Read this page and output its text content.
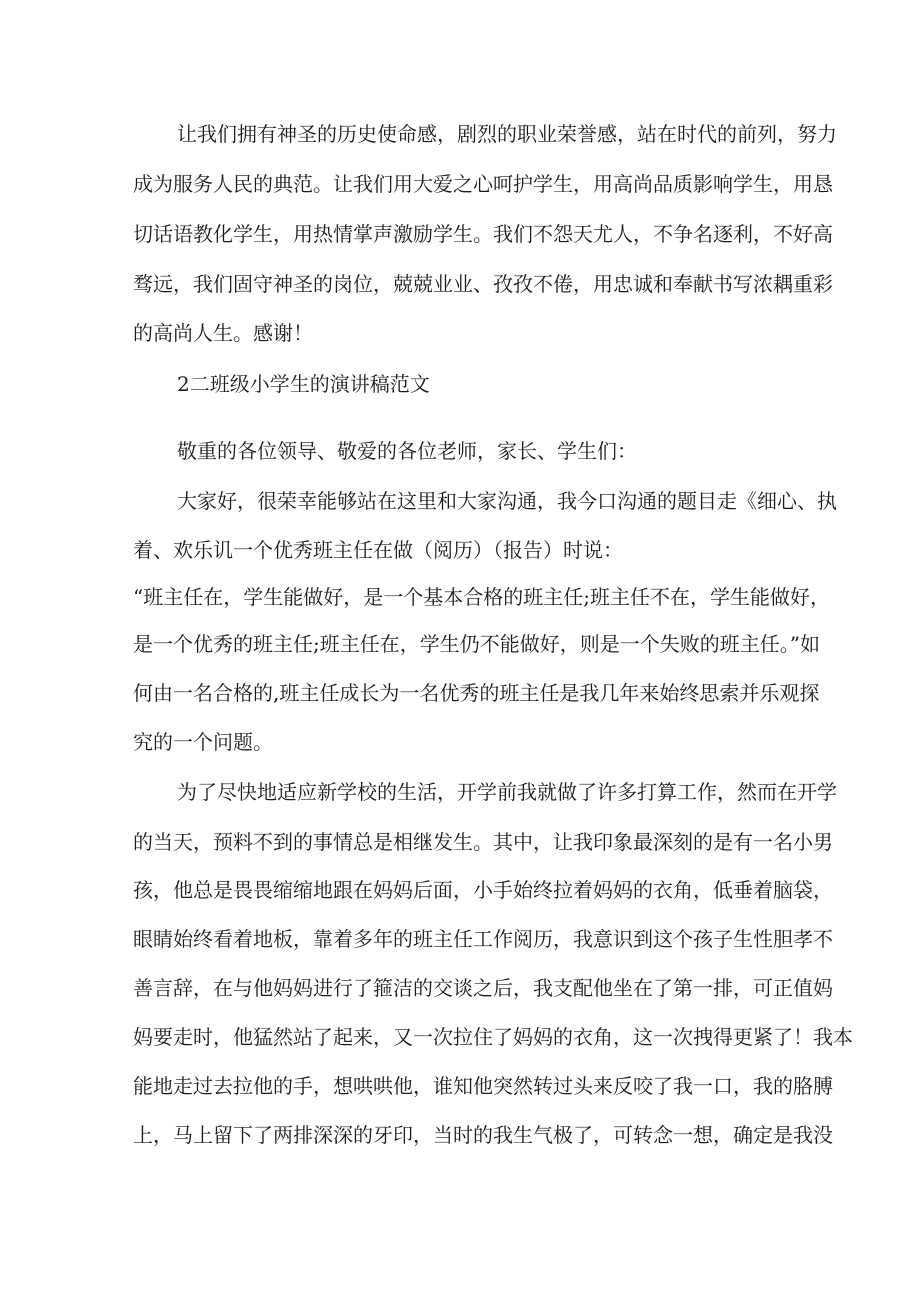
让我们拥有神圣的历史使命感，剧烈的职业荣誉感，站在时代的前列，努力
成为服务人民的典范。让我们用大爱之心呵护学生，用高尚品质影响学生，用恳
切话语教化学生，用热情掌声激励学生。我们不怨天尤人，不争名逐利，不好高
骛远，我们固守神圣的岗位，兢兢业业、孜孜不倦，用忠诚和奉献书写浓耦重彩
的高尚人生。感谢！
2二班级小学生的演讲稿范文
敬重的各位领导、敬爱的各位老师，家长、学生们：
大家好，很荣幸能够站在这里和大家沟通，我今口沟通的题目走《细心、执
着、欢乐讥一个优秀班主任在做（阅历）（报告）时说：
“班主任在，学生能做好，是一个基本合格的班主任;班主任不在，学生能做好，
是一个优秀的班主任;班主任在，学生仍不能做好，则是一个失败的班主任。”如
何由一名合格的,班主任成长为一名优秀的班主任是我几年来始终思索并乐观探
究的一个问题。
为了尽快地适应新学校的生活，开学前我就做了许多打算工作，然而在开学
的当天，预料不到的事情总是相继发生。其中，让我印象最深刻的是有一名小男
孩，他总是畏畏缩缩地跟在妈妈后面，小手始终拉着妈妈的衣角，低垂着脑袋，
眼睛始终看着地板，靠着多年的班主任工作阅历，我意识到这个孩子生性胆孝不
善言辞，在与他妈妈进行了箍洁的交谈之后，我支配他坐在了第一排，可正值妈
妈要走时，他猛然站了起来，又一次拉住了妈妈的衣角，这一次拽得更紧了！我本
能地走过去拉他的手，想哄哄他，谁知他突然转过头来反咬了我一口，我的胳膊
上，马上留下了两排深深的牙印，当时的我生气极了，可转念一想，确定是我没
